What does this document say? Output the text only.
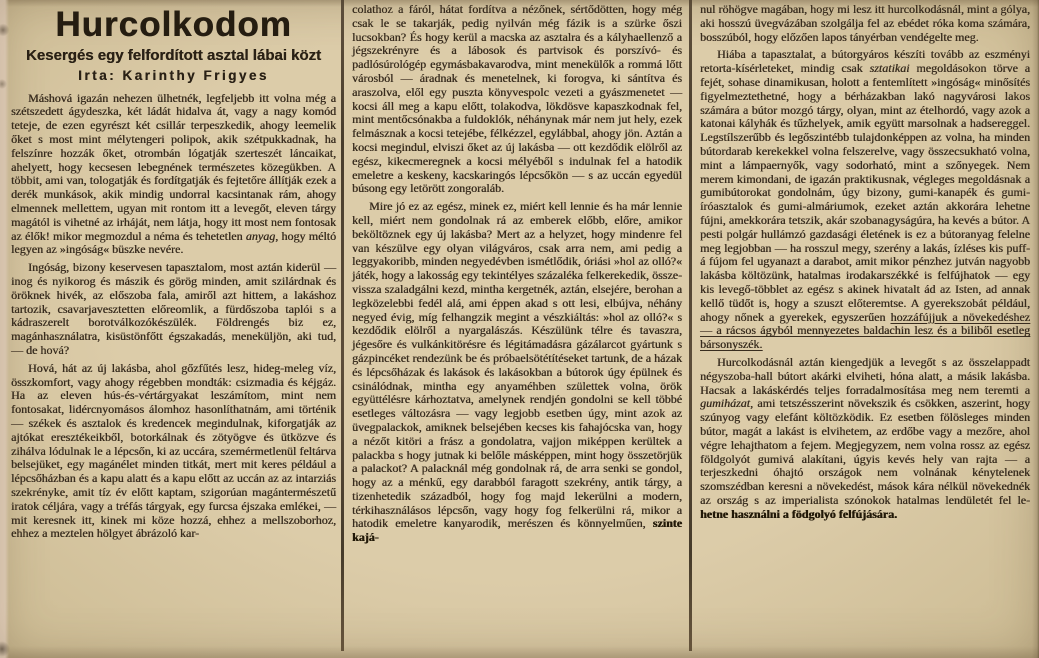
Hurcolkodom
Kesergés egy felfordított asztal lábai közt
Irta: Karinthy Frigyes

Máshová igazán nehezen ülhetnék, legfeljebb itt volna még a szétszedett ágydeszka, két ládát hidalva át, vagy a nagy komód teteje, de ezen egyrészt két csillár terpeszkedik, ahogy leemelik őket s most mint mélytengeri polipok, akik szétpukkadnak, ha felszínre hozzák őket, otrombán lógatják szerteszét láncaikat, ahelyett, hogy kecsesen lebegnének természetes közegükben. A többit, ami van, tologatják és fordítgatják és fejtetőre állítják ezek a derék munkások, akik mindig undorral kacsintanak rám, ahogy elmennek mellettem, ugyan mit rontom itt a levegőt, eleven tárgy magától is vihetné az irháját, nem látja, hogy itt most nem fontosak az élők! mikor megmozdul a néma és tehetetlen anyag, hogy méltó legyen az »ingóság« büszke nevére.

Ingóság, bizony keservesen tapasztalom, most aztán kiderül — inog és nyikorog és mászik és görög minden, amit szilárdnak és öröknek hivék, az előszoba fala, amiről azt hittem, a lakáshoz tartozik, csavarjavesztetten előreomlik, a fürdőszoba taplói s a kádraszerelt borotválkozókészülék. Földrengés biz ez, magánhasználatra, kisüstönfőtt égszakadás, meneküljön, aki tud, — de hová?

Hová, hát az új lakásba, ahol gőzfűtés lesz, hideg-meleg víz, összkomfort, vagy ahogy régebben mondták: csizmadia és kéjgáz. Ha az eleven hús-és-vértárgyakat leszámítom, mint nem fontosakat, lidércnyomásos álomhoz hasonlíthatnám, ami történik — székek és asztalok és kredencek megindulnak, kiforgatják az ajtókat eresztékeikből, botorkálnak és zötyögve és ütközve és zihálva lódulnak le a lépcsőn, ki az uccára, szemérmetlenül feltárva belsejüket, egy magánélet minden titkát, mert mit keres például a lépcsőházban és a kapu alatt és a kapu előtt az uccán az az intarziás szekrényke, amit tíz év előtt kaptam, szigorúan magántermészetű iratok céljára, vagy a tréfás tárgyak, egy furcsa éjszaka emlékei, — mit keresnek itt, kinek mi köze hozzá, ehhez a mellszoborhoz, ehhez a meztelen hölgyet ábrázoló kar-

colathoz a fáról, hátat fordítva a nézőnek, sértődötten, hogy még csak le se takarják, pedig nyilván még fázik is a szürke őszi lucsokban? És hogy kerül a macska az asztalra és a kályhaellenző a jégszekrényre és a lábosok és partvisok és porszívó- és padlósúrológép egymásbakavarodva, mint menekülők a rommá lőtt városból — áradnak és menetelnek, ki forogva, ki sántítva és araszolva, elől egy puszta könyvespolc vezeti a gyászmenetet — kocsi áll meg a kapu előtt, tolakodva, lökdösve kapaszkodnak fel, mint mentőcsónakba a fuldoklók, néhánynak már nem jut hely, ezek felmásznak a kocsi tetejébe, félkézzel, egylábbal, ahogy jön. Aztán a kocsi megindul, elviszi őket az új lakásba — ott kezdődik elölről az egész, kikecmeregnek a kocsi mélyéből s indulnak fel a hatodik emeletre a keskeny, kacskaringós lépcsőkön — s az uccán egyedül búsong egy letörött zongoraláb.

Mire jó ez az egész, minek ez, miért kell lennie és ha már lennie kell, miért nem gondolnak rá az emberek előbb, előre, amikor beköltöznek egy új lakásba? Mert az a helyzet, hogy mindenre fel van készülve egy olyan világváros, csak arra nem, ami pedig a leggyakoribb, minden negyedévben ismétlődik, óriási »hol az olló?« játék, hogy a lakosság egy tekintélyes százaléka felkerekedik, össze-vissza szaladgálni kezd, mintha kergetnék, aztán, elsejére, berohan a legközelebbi fedél alá, ami éppen akad s ott lesi, elbújva, néhány negyed évig, míg felhangzik megint a vészkiáltás: »hol az olló?« s kezdődik elölről a nyargalászás. Készülünk télre és tavaszra, jégesőre és vulkánkitörésre és légitámadásra gázálarcot gyártunk s gázpincéket rendezünk be és próbaelsötétítéseket tartunk, de a házak és lépcsőházak és lakások és lakásokban a bútorok úgy épülnek és csinálódnak, mintha egy anyaméhben születtek volna, örök együttélésre kárhoztatva, amelynek rendjén gondolni se kell többé esetleges változásra — vagy legjobb esetben úgy, mint azok az üvegpalackok, amiknek belsejében kecses kis fahajócska van, hogy a nézőt kitöri a frász a gondolatra, vajjon miképpen kerültek a palackba s hogy jutnak ki belőle másképpen, mint hogy összetörjük a palackot? A palacknál még gondolnak rá, de arra senki se gondol, hogy az a ménkű, egy darabból faragott szekrény, antik tárgy, a tizenhetedik századból, hogy fog majd lekerülni a modern, térkihasználásos lépcsőn, vagy hogy fog felkerülni rá, mikor a hatodik emeletre kanyarodik, merészen és könnyelműen, szinte kajá-

nul röhögve magában, hogy mi lesz itt hurcolkodásnál, mint a gólya, aki hosszú üvegvázában szolgálja fel az ebédet róka koma számára, bosszúból, hogy előzően lapos tányérban vendégelte meg.

Hiába a tapasztalat, a bútorgyáros készíti tovább az eszményi retorta-kísérleteket, mindig csak sztatikai megoldásokon törve a fejét, sohase dinamikusan, holott a fentemlített »ingóság« minősítés figyelmeztethetné, hogy a bérházakban lakó nagyvárosi lakos számára a bútor mozgó tárgy, olyan, mint az ételhordó, vagy azok a katonai kályhák és tűzhelyek, amik együtt marsolnak a hadsereggel. Legstílszerűbb és legőszintébb tulajdonképpen az volna, ha minden bútordarab kerekekkel volna felszerelve, vagy összecsukható volna, mint a lámpaernyők, vagy sodorható, mint a szőnyegek. Nem merem kimondani, de igazán praktikusnak, végleges megoldásnak a gumibútorokat gondolnám, úgy bizony, gumi-kanapék és gumi-íróasztalok és gumi-almáriumok, ezeket aztán akkorára lehetne fújni, amekkorára tetszik, akár szobanagyságúra, ha kevés a bútor. A pesti polgár hullámzó gazdasági életének is ez a bútoranyag felelne meg legjobban — ha rosszul megy, szerény a lakás, ízléses kis puff-á fújom fel ugyanazt a darabot, amit mikor pénzhez jutván nagyobb lakásba költözünk, hatalmas irodakarszékké is felfújhatok — egy kis levegő-többlet az egész s akinek hivatalt ád az Isten, ad annak kellő tüdőt is, hogy a szuszt előteremtse. A gyerekszobát például, ahogy nőnek a gyerekek, egyszerűen hozzáfújjuk a növekedéshez — a rácsos ágyból mennyezetes baldachin lesz és a biliből esetleg bársonyszék.

Hurcolkodásnál aztán kiengedjük a levegőt s az összelappadt négyszoba-hall bútort akárki elviheti, hóna alatt, a másik lakásba. Hacsak a lakáskérdés teljes forradalmosítása meg nem teremti a gumiházat, ami tetszésszerint növekszik és csökken, aszerint, hogy szúnyog vagy elefánt költözködik. Ez esetben fölösleges minden bútor, magát a lakást is elvihetem, az erdőbe vagy a mezőre, ahol végre lehajthatom a fejem. Megjegyzem, nem volna rossz az egész földgolyót gumivá alakítani, úgyis kevés hely van rajta — a terjeszkedni óhajtó országok nem volnának kénytelenek szomszédban keresni a növekedést, mások kára nélkül növekednék az ország s az imperialista szónokok hatalmas lendületét fel le-hetne használni a födgolyó felfújására.
